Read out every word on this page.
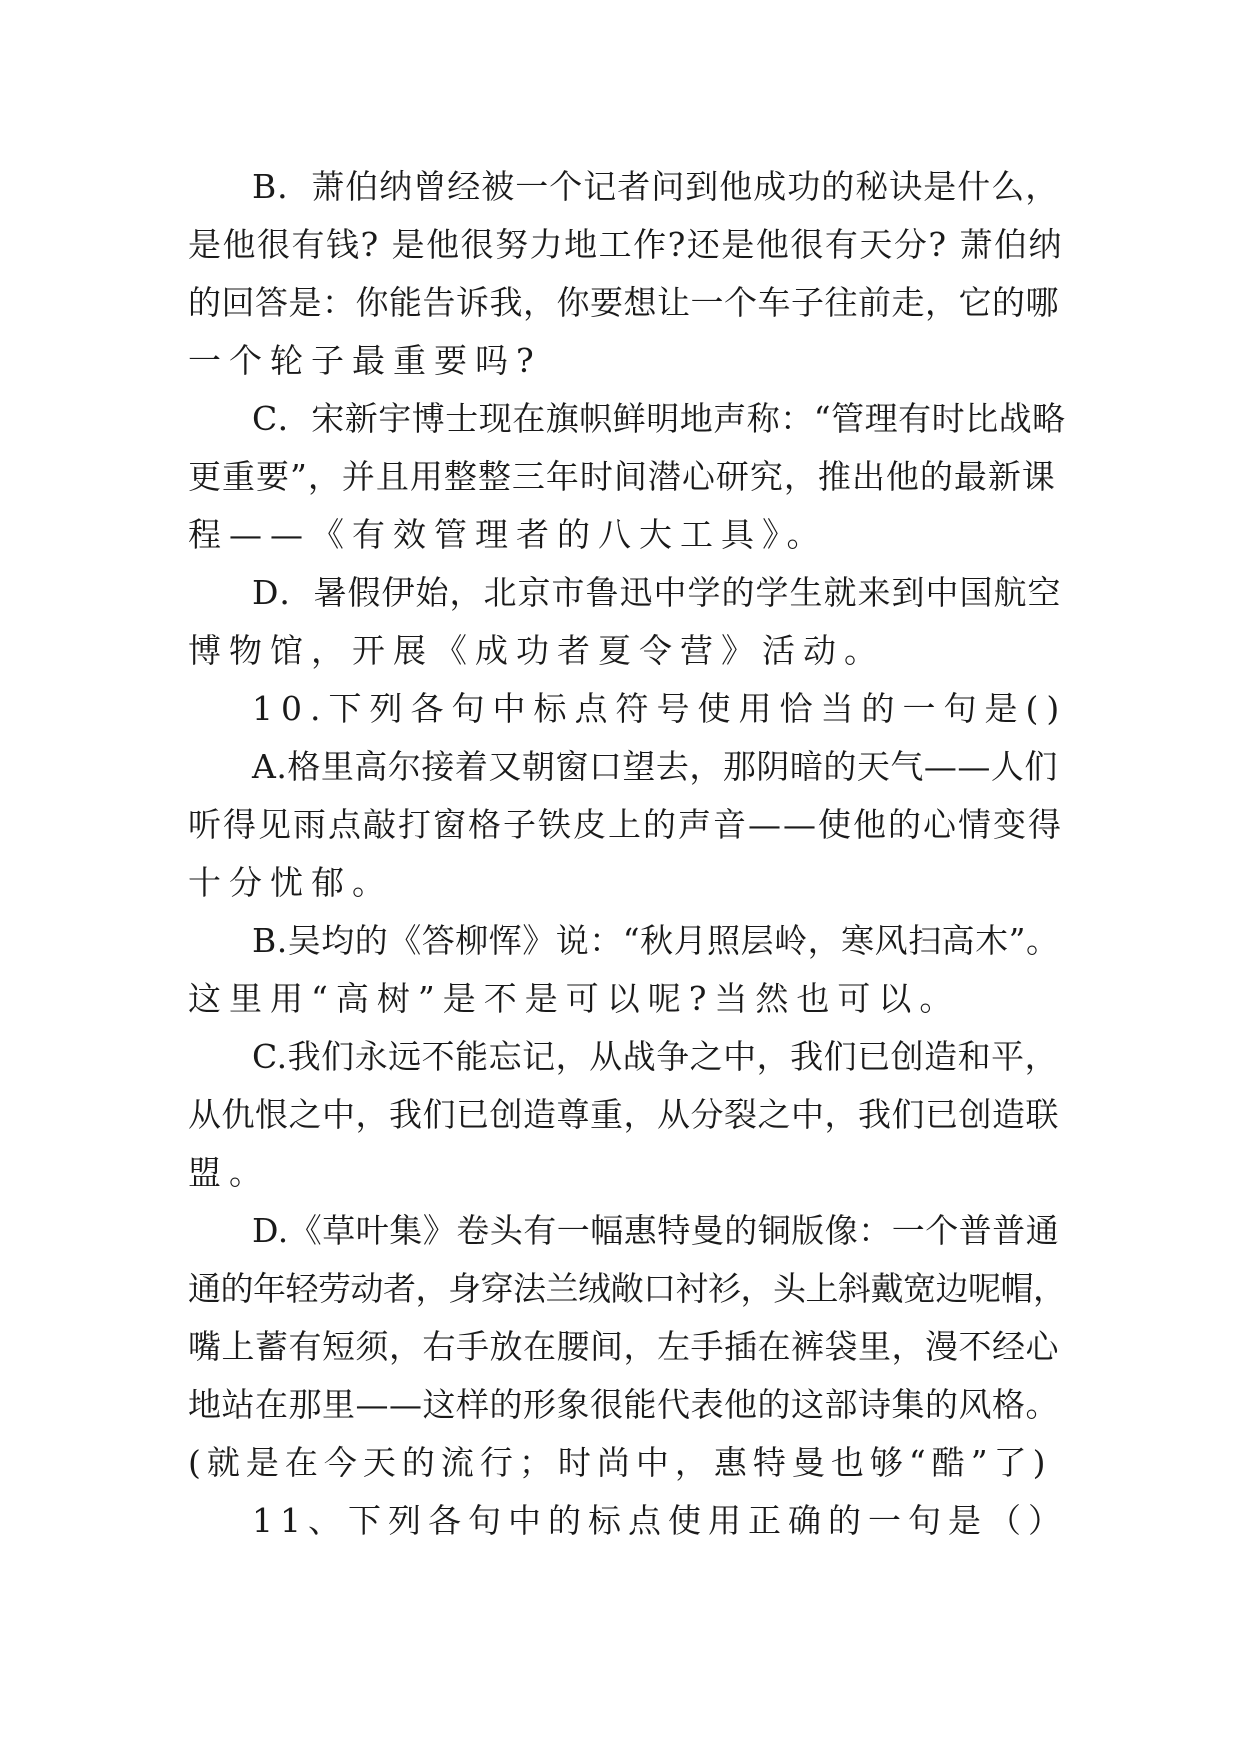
B．萧伯纳曾经被一个记者问到他成功的秘诀是什么，
是他很有钱? 是他很努力地工作?还是他很有天分? 萧伯纳
的回答是：你能告诉我，你要想让一个车子往前走，它的哪
一个轮子最重要吗?
C．宋新宇博士现在旗帜鲜明地声称：“管理有时比战略
更重要”，并且用整整三年时间潜心研究，推出他的最新课
程——《有效管理者的八大工具》。
D．暑假伊始，北京市鲁迅中学的学生就来到中国航空
博物馆，开展《成功者夏令营》活动。
10.下列各句中标点符号使用恰当的一句是()
A.格里高尔接着又朝窗口望去，那阴暗的天气——人们
听得见雨点敲打窗格子铁皮上的声音——使他的心情变得
十分忧郁。
B.吴均的《答柳恽》说：“秋月照层岭，寒风扫高木”。
这里用“高树”是不是可以呢?当然也可以。
C.我们永远不能忘记，从战争之中，我们已创造和平，
从仇恨之中，我们已创造尊重，从分裂之中，我们已创造联
盟。
D.《草叶集》卷头有一幅惠特曼的铜版像：一个普普通
通的年轻劳动者，身穿法兰绒敞口衬衫，头上斜戴宽边呢帽，
嘴上蓄有短须，右手放在腰间，左手插在裤袋里，漫不经心
地站在那里——这样的形象很能代表他的这部诗集的风格。
(就是在今天的流行；时尚中，惠特曼也够“酷”了)
11、下列各句中的标点使用正确的一句是（）
